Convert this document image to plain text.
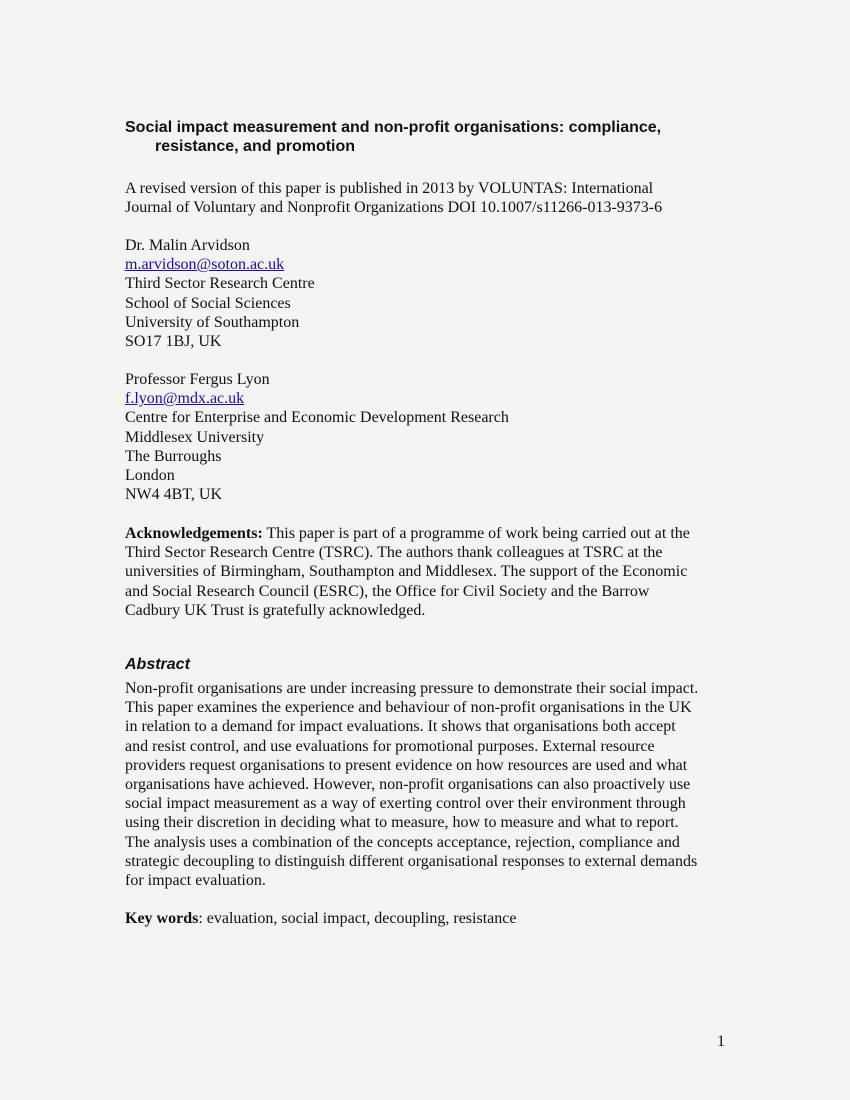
Social impact measurement and non-profit organisations: compliance,
resistance, and promotion

A revised version of this paper is published in 2013 by VOLUNTAS: International
Journal of Voluntary and Nonprofit Organizations DOI 10.1007/s11266-013-9373-6

Dr. Malin Arvidson
m.arvidson@soton.ac.uk
Third Sector Research Centre
School of Social Sciences
University of Southampton
SO17 1BJ, UK
Professor Fergus Lyon
f.lyon@mdx.ac.uk
Centre for Enterprise and Economic Development Research
Middlesex University
The Burroughs
London
NW4 4BT, UK

Acknowledgements: This paper is part of a programme of work being carried out at the
Third Sector Research Centre (TSRC). The authors thank colleagues at TSRC at the
universities of Birmingham, Southampton and Middlesex. The support of the Economic
and Social Research Council (ESRC), the Office for Civil Society and the Barrow
Cadbury UK Trust is gratefully acknowledged.

Abstract

Non-profit organisations are under increasing pressure to demonstrate their social impact.
This paper examines the experience and behaviour of non-profit organisations in the UK
in relation to a demand for impact evaluations. It shows that organisations both accept
and resist control, and use evaluations for promotional purposes. External resource
providers request organisations to present evidence on how resources are used and what
organisations have achieved. However, non-profit organisations can also proactively use
social impact measurement as a way of exerting control over their environment through
using their discretion in deciding what to measure, how to measure and what to report.
The analysis uses a combination of the concepts acceptance, rejection, compliance and
strategic decoupling to distinguish different organisational responses to external demands
for impact evaluation.

Key words: evaluation, social impact, decoupling, resistance

1
